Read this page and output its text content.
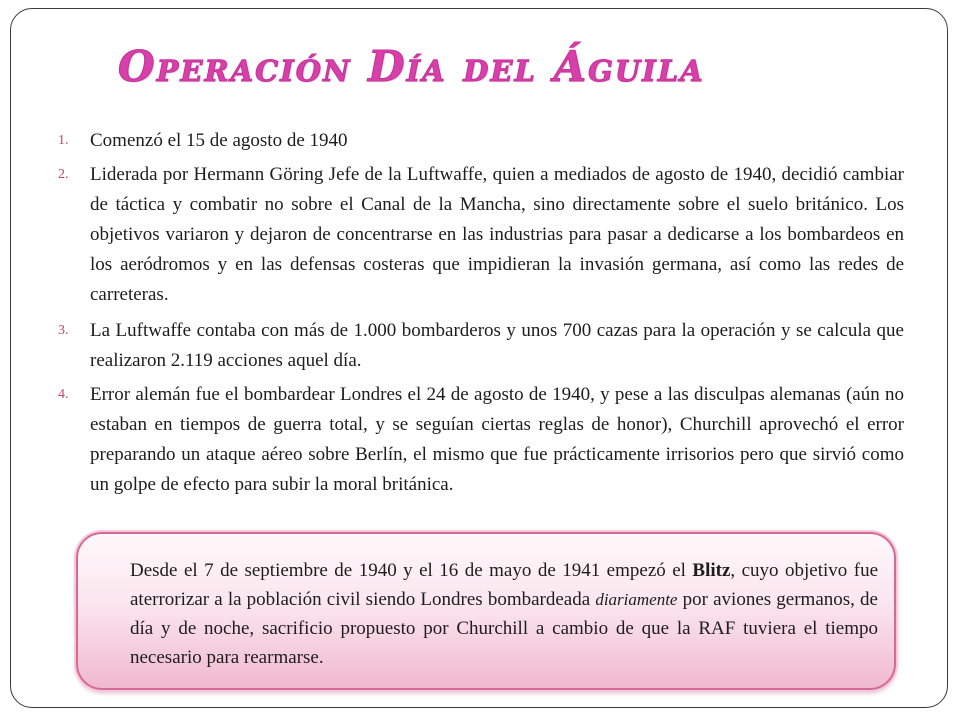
Operación Día del Águila
1. Comenzó el 15 de agosto de 1940
2. Liderada por Hermann Göring Jefe de la Luftwaffe, quien a mediados de agosto de 1940, decidió cambiar de táctica y combatir no sobre el Canal de la Mancha, sino directamente sobre el suelo británico. Los objetivos variaron y dejaron de concentrarse en las industrias para pasar a dedicarse a los bombardeos en los aeródromos y en las defensas costeras que impidieran la invasión germana, así como las redes de carreteras.
3. La Luftwaffe contaba con más de 1.000 bombarderos y unos 700 cazas para la operación y se calcula que realizaron 2.119 acciones aquel día.
4. Error alemán fue el bombardear Londres el 24 de agosto de 1940, y pese a las disculpas alemanas (aún no estaban en tiempos de guerra total, y se seguían ciertas reglas de honor), Churchill aprovechó el error preparando un ataque aéreo sobre Berlín, el mismo que fue prácticamente irrisorios pero que sirvió como un golpe de efecto para subir la moral británica.

Desde el 7 de septiembre de 1940 y el 16 de mayo de 1941 empezó el Blitz, cuyo objetivo fue aterrorizar a la población civil siendo Londres bombardeada diariamente por aviones germanos, de día y de noche, sacrificio propuesto por Churchill a cambio de que la RAF tuviera el tiempo necesario para rearmarse.
